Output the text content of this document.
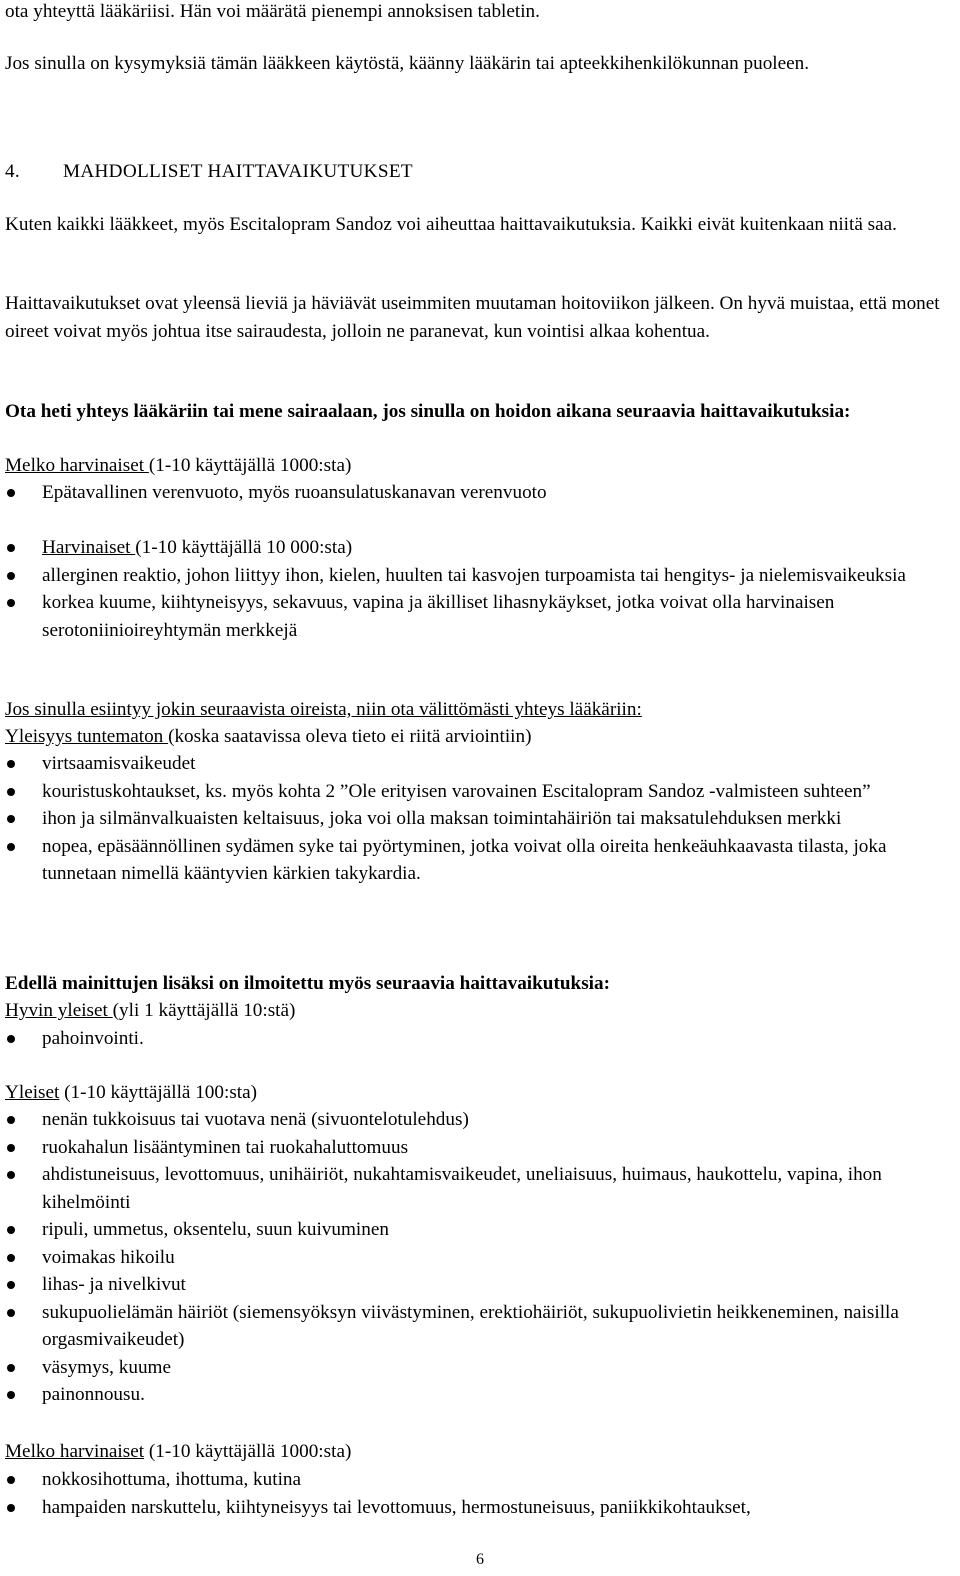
ota yhteyttä lääkäriisi. Hän voi määrätä pienempi annoksisen tabletin.

Jos sinulla on kysymyksiä tämän lääkkeen käytöstä, käänny lääkärin tai apteekkihenkilökunnan puoleen.

4. MAHDOLLISET HAITTAVAIKUTUKSET

Kuten kaikki lääkkeet, myös Escitalopram Sandoz voi aiheuttaa haittavaikutuksia. Kaikki eivät kuitenkaan niitä saa.

Haittavaikutukset ovat yleensä lieviä ja häviävät useimmiten muutaman hoitoviikon jälkeen. On hyvä muistaa, että monet oireet voivat myös johtua itse sairaudesta, jolloin ne paranevat, kun vointisi alkaa kohentua.

Ota heti yhteys lääkäriin tai mene sairaalaan, jos sinulla on hoidon aikana seuraavia haittavaikutuksia:

Melko harvinaiset (1-10 käyttäjällä 1000:sta)

Epätavallinen verenvuoto, myös ruoansulatuskanavan verenvuoto
Harvinaiset (1-10 käyttäjällä 10 000:sta)
allerginen reaktio, johon liittyy ihon, kielen, huulten tai kasvojen turpoamista tai hengitys- ja nielemisvaikeuksia
korkea kuume, kiihtyneisyys, sekavuus, vapina ja äkilliset lihasnykäykset, jotka voivat olla harvinaisen serotoniinioireyhtymän merkkejä

Jos sinulla esiintyy jokin seuraavista oireista, niin ota välittömästi yhteys lääkäriin:

Yleisyys tuntematon (koska saatavissa oleva tieto ei riitä arviointiin)

virtsaamisvaikeudet
kouristuskohtaukset, ks. myös kohta 2 ”Ole erityisen varovainen Escitalopram Sandoz -valmisteen suhteen”
ihon ja silmänvalkuaisten keltaisuus, joka voi olla maksan toimintahäiriön tai maksatulehduksen merkki
nopea, epäsäännöllinen sydämen syke tai pyörtyminen, jotka voivat olla oireita henkeäuhkaavasta tilasta, joka tunnetaan nimellä kääntyvien kärkien takykardia.

Edellä mainittujen lisäksi on ilmoitettu myös seuraavia haittavaikutuksia:

Hyvin yleiset (yli 1 käyttäjällä 10:stä)

pahoinvointi.

Yleiset (1-10 käyttäjällä 100:sta)

nenän tukkoisuus tai vuotava nenä (sivuontelotulehdus)
ruokahalun lisääntyminen tai ruokahaluttomuus
ahdistuneisuus, levottomuus, unihäiriöt, nukahtamisvaikeudet, uneliaisuus, huimaus, haukottelu, vapina, ihon kihelmöinti
ripuli, ummetus, oksentelu, suun kuivuminen
voimakas hikoilu
lihas- ja nivelkivut
sukupuolielämän häiriöt (siemensyöksyn viivästyminen, erektiohäiriöt, sukupuolivietin heikkeneminen, naisilla orgasmivaikeudet)
väsymys, kuume
painonnousu.

Melko harvinaiset (1-10 käyttäjällä 1000:sta)

nokkosihottuma, ihottuma, kutina
hampaiden narskuttelu, kiihtyneisyys tai levottomuus, hermostuneisuus, paniikkikohtaukset,
6
